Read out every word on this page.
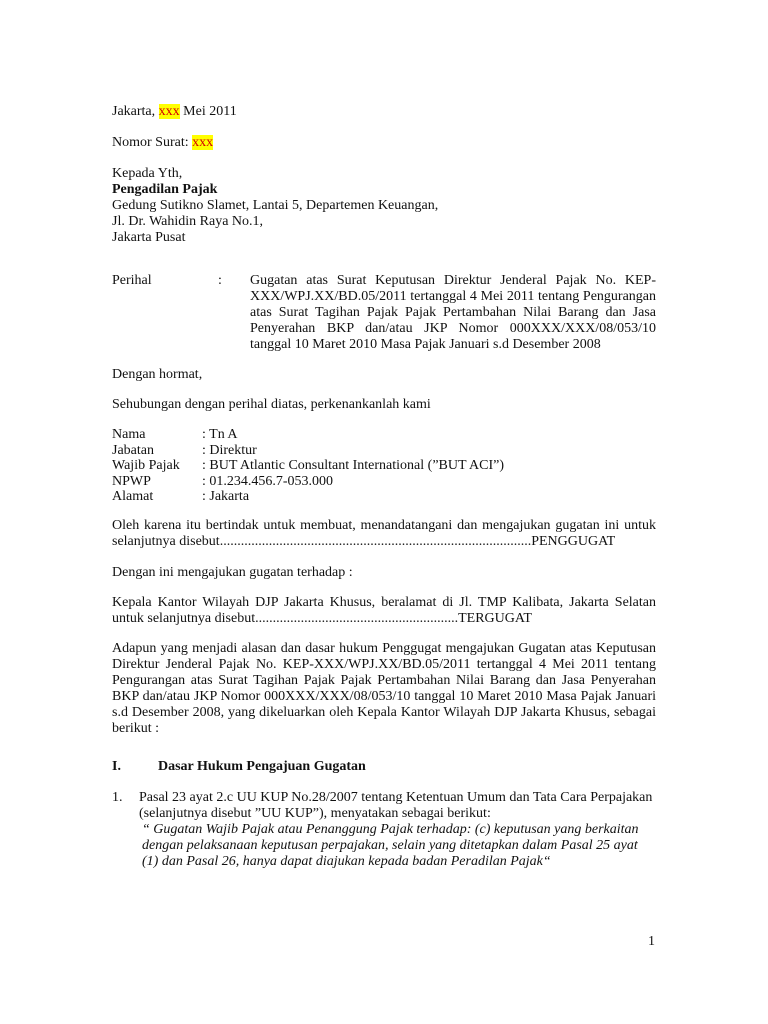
Jakarta, xxx Mei 2011
Nomor Surat: xxx
Kepada Yth,
Pengadilan Pajak
Gedung Sutikno Slamet, Lantai 5, Departemen Keuangan,
Jl. Dr. Wahidin Raya No.1,
Jakarta Pusat
Perihal	: Gugatan atas Surat Keputusan Direktur Jenderal Pajak No. KEP-XXX/WPJ.XX/BD.05/2011 tertanggal 4 Mei 2011 tentang Pengurangan atas Surat Tagihan Pajak Pajak Pertambahan Nilai Barang dan Jasa Penyerahan BKP dan/atau JKP Nomor 000XXX/XXX/08/053/10 tanggal 10 Maret 2010 Masa Pajak Januari s.d Desember 2008
Dengan hormat,
Sehubungan dengan perihal diatas, perkenankanlah kami
Nama	: Tn A
Jabatan	: Direktur
Wajib Pajak : BUT Atlantic Consultant International (”BUT ACI”)
NPWP	: 01.234.456.7-053.000
Alamat	: Jakarta
Oleh karena itu bertindak untuk membuat, menandatangani dan mengajukan gugatan ini untuk
selanjutnya disebut.........................................................................................PENGGUGAT
Dengan ini mengajukan gugatan terhadap :
Kepala Kantor Wilayah DJP Jakarta Khusus, beralamat di Jl. TMP Kalibata, Jakarta Selatan
untuk selanjutnya disebut..........................................................TERGUGAT
Adapun yang menjadi alasan dan dasar hukum Penggugat mengajukan Gugatan atas Keputusan Direktur Jenderal Pajak No. KEP-XXX/WPJ.XX/BD.05/2011 tertanggal 4 Mei 2011 tentang Pengurangan atas Surat Tagihan Pajak Pajak Pertambahan Nilai Barang dan Jasa Penyerahan BKP dan/atau JKP Nomor 000XXX/XXX/08/053/10 tanggal 10 Maret 2010 Masa Pajak Januari s.d Desember 2008, yang dikeluarkan oleh Kepala Kantor Wilayah DJP Jakarta Khusus, sebagai berikut :
I.	Dasar Hukum Pengajuan Gugatan
1. Pasal 23 ayat 2.c UU KUP No.28/2007 tentang Ketentuan Umum dan Tata Cara Perpajakan (selanjutnya disebut ”UU KUP”), menyatakan sebagai berikut:
“ Gugatan Wajib Pajak atau Penanggung Pajak terhadap: (c) keputusan yang berkaitan dengan pelaksanaan keputusan perpajakan, selain yang ditetapkan dalam Pasal 25 ayat (1) dan Pasal 26, hanya dapat diajukan kepada badan Peradilan Pajak“
1
